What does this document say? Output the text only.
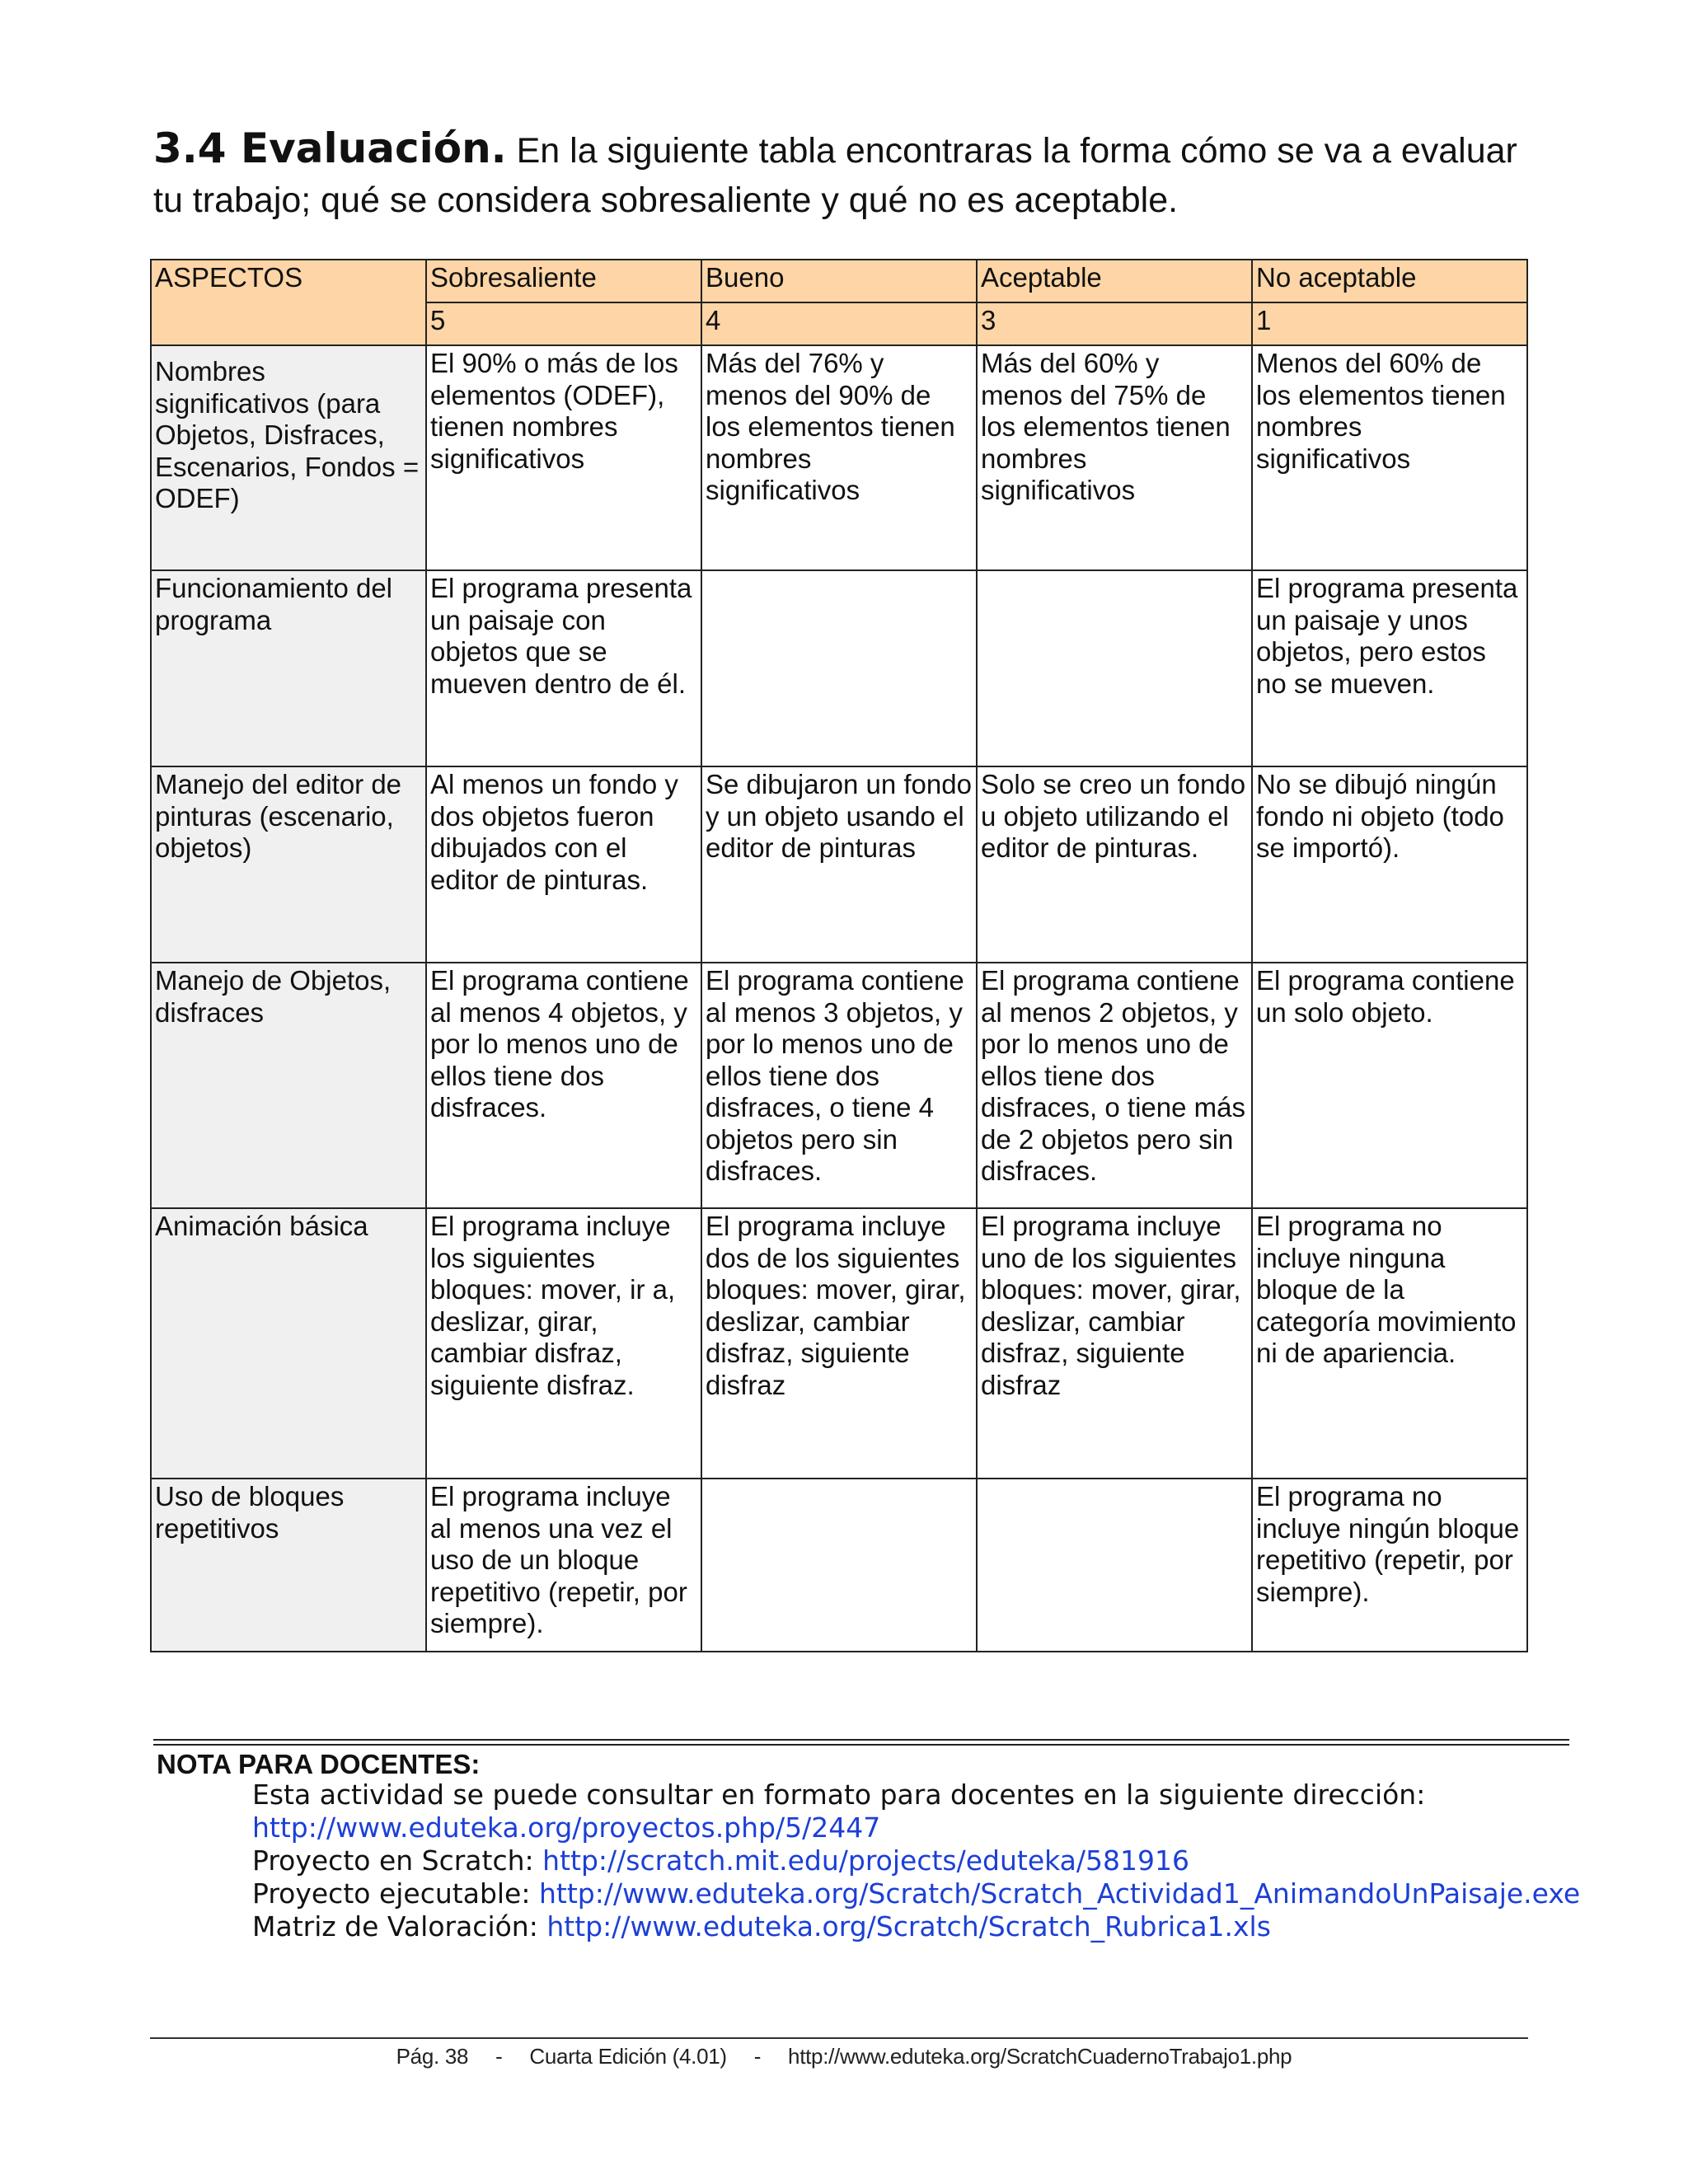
3.4 Evaluación. En la siguiente tabla encontraras la forma cómo se va a evaluar tu trabajo; qué se considera sobresaliente y qué no es aceptable.
ASPECTOS	Sobresaliente	Bueno	Aceptable	No aceptable
	5	4	3	1
Nombres significativos (para Objetos, Disfraces, Escenarios, Fondos = ODEF)	El 90% o más de los elementos (ODEF), tienen nombres significativos	Más del 76% y menos del 90% de los elementos tienen nombres significativos	Más del 60% y menos del 75% de los elementos tienen nombres significativos	Menos del 60% de los elementos tienen nombres significativos
Funcionamiento del programa	El programa presenta un paisaje con objetos que se mueven dentro de él.			El programa presenta un paisaje y unos objetos, pero estos no se mueven.
Manejo del editor de pinturas (escenario, objetos)	Al menos un fondo y dos objetos fueron dibujados con el editor de pinturas.	Se dibujaron un fondo y un objeto usando el editor de pinturas	Solo se creo un fondo u objeto utilizando el editor de pinturas.	No se dibujó ningún fondo ni objeto (todo se importó).
Manejo de Objetos, disfraces	El programa contiene al menos 4 objetos, y por lo menos uno de ellos tiene dos disfraces.	El programa contiene al menos 3 objetos, y por lo menos uno de ellos tiene dos disfraces, o tiene 4 objetos pero sin disfraces.	El programa contiene al menos 2 objetos, y por lo menos uno de ellos tiene dos disfraces, o tiene más de 2 objetos pero sin disfraces.	El programa contiene un solo objeto.
Animación básica	El programa incluye los siguientes bloques: mover, ir a, deslizar, girar, cambiar disfraz, siguiente disfraz.	El programa incluye dos de los siguientes bloques: mover, girar, deslizar, cambiar disfraz, siguiente disfraz	El programa incluye uno de los siguientes bloques: mover, girar, deslizar, cambiar disfraz, siguiente disfraz	El programa no incluye ninguna bloque de la categoría movimiento ni de apariencia.
Uso de bloques repetitivos	El programa incluye al menos una vez el uso de un bloque repetitivo (repetir, por siempre).			El programa no incluye ningún bloque repetitivo (repetir, por siempre).
NOTA PARA DOCENTES:
Esta actividad se puede consultar en formato para docentes en la siguiente dirección:
http://www.eduteka.org/proyectos.php/5/2447
Proyecto en Scratch: http://scratch.mit.edu/projects/eduteka/581916
Proyecto ejecutable: http://www.eduteka.org/Scratch/Scratch_Actividad1_AnimandoUnPaisaje.exe
Matriz de Valoración: http://www.eduteka.org/Scratch/Scratch_Rubrica1.xls
Pág. 38 - Cuarta Edición (4.01) - http://www.eduteka.org/ScratchCuadernoTrabajo1.php
